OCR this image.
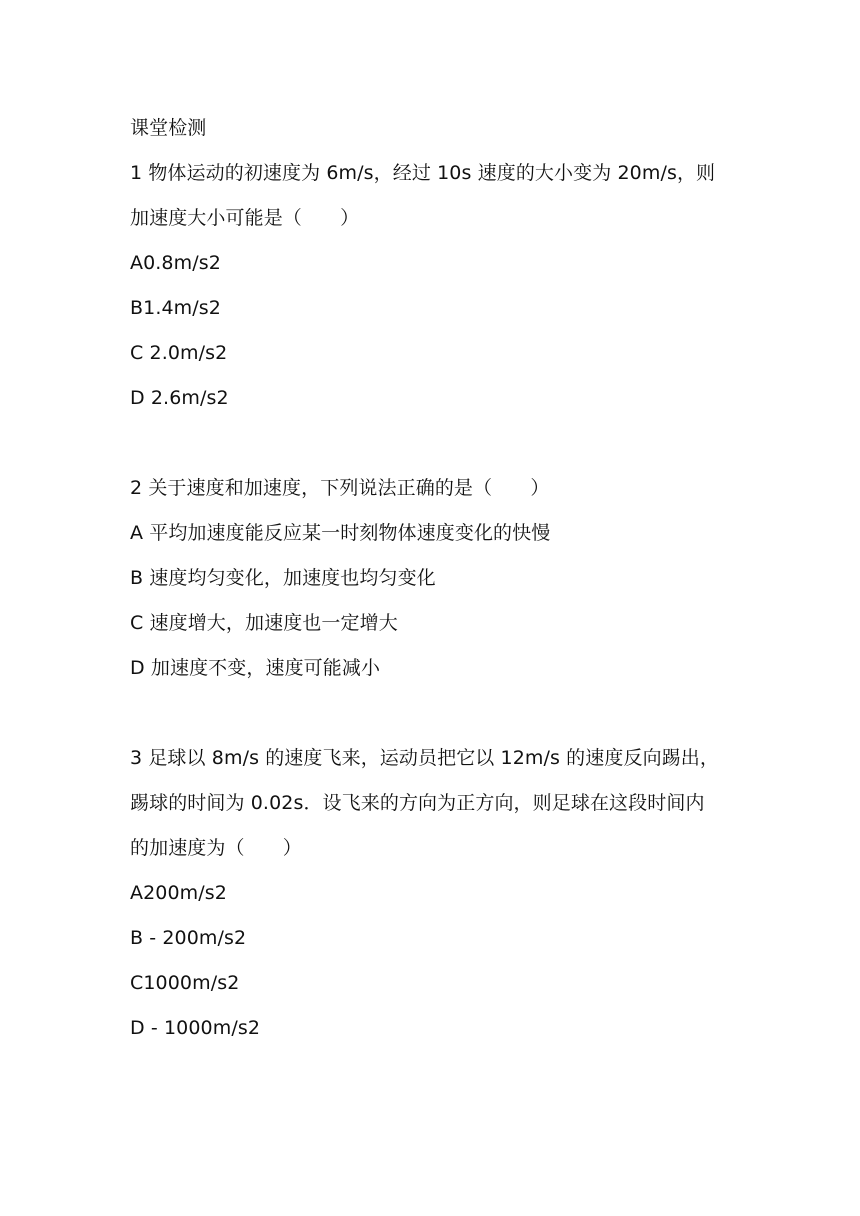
课堂检测
1 物体运动的初速度为 6m/s，经过 10s 速度的大小变为 20m/s，则
加速度大小可能是（　　）
A0.8m/s2
B1.4m/s2
C 2.0m/s2
D 2.6m/s2
2 关于速度和加速度，下列说法正确的是（　　）
A 平均加速度能反应某一时刻物体速度变化的快慢
B 速度均匀变化，加速度也均匀变化
C 速度增大，加速度也一定增大
D 加速度不变，速度可能减小
3 足球以 8m/s 的速度飞来，运动员把它以 12m/s 的速度反向踢出，
踢球的时间为 0.02s．设飞来的方向为正方向，则足球在这段时间内
的加速度为（　　）
A200m/s2
B - 200m/s2
C1000m/s2
D - 1000m/s2
